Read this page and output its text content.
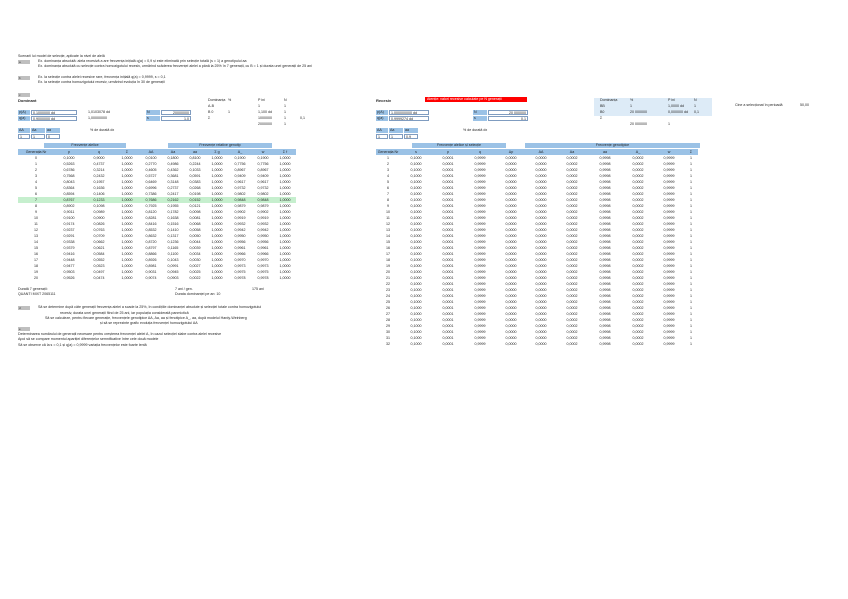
Scenarii lui model de selecție, aplicate la nivel de alelă
a	Ex. dominanța absolută: alela recesivă a are frecvența inițială q(a) = 0,9 și este eliminată prin selecție totală (s = 1) a genotipului aa
Ex. dominanța absolută cu selecție contra homozigotului recesiv, urmărind scăderea frecvenței alelei a până la 25% în 7 generații, cu B = 1 și durata unei generații de 25 ani
b	Ex. la selecție contra alelei recesive rare, frecvența inițială q(a) = 0,9999, s = 0,1
Ex. la selecție contra homozigotului recesiv, urmărind evoluția în 30 de generații
c
Dominant
p(A)	0,1000000 dd	1,0103078 dd	N	20000000
q(a)	0,9000000 dd	1,00000000	s	1,0
Dominanța %	P ini	N
A-B	1	1
B 0	1	1,100 dd	1
Σ	1000000	1	0,1
2000000	1
AA	Aa	aa	% de durată dx
1	1	0
Frecvențe alelice	Frecvențe relative genotip
Generația Nr	p	q	Σ	AA	Aa	aa	Σ g	A_	w	Σ f
0	0,1000	0,9000	1,0000	0,0100	0,1800	0,8100	1,0000	0,1900	0,1900	1,0000
1	0,5263	0,4737	1,0000	0,2770	0,4986	0,2244	1,0000	0,7756	0,7756	1,0000
2	0,6786	0,3214	1,0000	0,4605	0,4362	0,1033	1,0000	0,8967	0,8967	1,0000
3	0,7568	0,2432	1,0000	0,5727	0,3681	0,0591	1,0000	0,9409	0,9409	1,0000
4	0,8043	0,1957	1,0000	0,6469	0,3148	0,0383	1,0000	0,9617	0,9617	1,0000
5	0,8364	0,1636	1,0000	0,6996	0,2737	0,0268	1,0000	0,9732	0,9732	1,0000
6	0,8594	0,1406	1,0000	0,7386	0,2417	0,0198	1,0000	0,9802	0,9802	1,0000
7	0,8767	0,1233	1,0000	0,7686	0,2162	0,0152	1,0000	0,9848	0,9848	1,0000
8	0,8902	0,1098	1,0000	0,7925	0,1955	0,0121	1,0000	0,9879	0,9879	1,0000
9	0,9011	0,0989	1,0000	0,8120	0,1782	0,0098	1,0000	0,9902	0,9902	1,0000
10	0,9100	0,0900	1,0000	0,8281	0,1638	0,0081	1,0000	0,9919	0,9919	1,0000
11	0,9174	0,0826	1,0000	0,8416	0,1516	0,0068	1,0000	0,9932	0,9932	1,0000
12	0,9237	0,0763	1,0000	0,8532	0,1410	0,0058	1,0000	0,9942	0,9942	1,0000
13	0,9291	0,0709	1,0000	0,8632	0,1317	0,0050	1,0000	0,9950	0,9950	1,0000
14	0,9338	0,0662	1,0000	0,8720	0,1236	0,0044	1,0000	0,9956	0,9956	1,0000
15	0,9379	0,0621	1,0000	0,8797	0,1165	0,0039	1,0000	0,9961	0,9961	1,0000
16	0,9416	0,0584	1,0000	0,8866	0,1100	0,0034	1,0000	0,9966	0,9966	1,0000
17	0,9448	0,0552	1,0000	0,8926	0,1043	0,0030	1,0000	0,9970	0,9970	1,0000
18	0,9477	0,0523	1,0000	0,8981	0,0991	0,0027	1,0000	0,9973	0,9973	1,0000
19	0,9503	0,0497	1,0000	0,9031	0,0945	0,0025	1,0000	0,9975	0,9975	1,0000
20	0,9526	0,0474	1,0000	0,9074	0,0903	0,0022	1,0000	0,9978	0,9978	1,0000
Recesiv	Atenție: valori recesive calculate pe N generații
p(A)	1,000000000 dd	N	20 000000
q(a)	0,9999274 dd	s	0,1
Dominanța	%	P ini	N
BB	1	1,0000 dd	1
B0	20 000000	0,000000 dd 0,1
Σ
20 000000	1
Cine a selecționat în perioadă	50,00
AA	Aa	aa	% de durată dx
1	1	0,9
Frecvențe alelice și selecție	Frecvențe genotipice
Generația Nr	s	p	q	Δp	AA	Aa	aa	A_	w	Σ
1	0,1000	0,0001	0,9999	0,0000	0,0000	0,0002	0,9998	0,0002	0,9999	1
2	0,1000	0,0001	0,9999	0,0000	0,0000	0,0002	0,9998	0,0002	0,9999	1
3	0,1000	0,0001	0,9999	0,0000	0,0000	0,0002	0,9998	0,0002	0,9999	1
4	0,1000	0,0001	0,9999	0,0000	0,0000	0,0002	0,9998	0,0002	0,9999	1
5	0,1000	0,0001	0,9999	0,0000	0,0000	0,0002	0,9998	0,0002	0,9999	1
6	0,1000	0,0001	0,9999	0,0000	0,0000	0,0002	0,9998	0,0002	0,9999	1
7	0,1000	0,0001	0,9999	0,0000	0,0000	0,0002	0,9998	0,0002	0,9999	1
8	0,1000	0,0001	0,9999	0,0000	0,0000	0,0002	0,9998	0,0002	0,9999	1
9	0,1000	0,0001	0,9999	0,0000	0,0000	0,0002	0,9998	0,0002	0,9999	1
10	0,1000	0,0001	0,9999	0,0000	0,0000	0,0002	0,9998	0,0002	0,9999	1
11	0,1000	0,0001	0,9999	0,0000	0,0000	0,0002	0,9998	0,0002	0,9999	1
12	0,1000	0,0001	0,9999	0,0000	0,0000	0,0002	0,9998	0,0002	0,9999	1
13	0,1000	0,0001	0,9999	0,0000	0,0000	0,0002	0,9998	0,0002	0,9999	1
14	0,1000	0,0001	0,9999	0,0000	0,0000	0,0002	0,9998	0,0002	0,9999	1
15	0,1000	0,0001	0,9999	0,0000	0,0000	0,0002	0,9998	0,0002	0,9999	1
16	0,1000	0,0001	0,9999	0,0000	0,0000	0,0002	0,9998	0,0002	0,9999	1
17	0,1000	0,0001	0,9999	0,0000	0,0000	0,0002	0,9998	0,0002	0,9999	1
18	0,1000	0,0001	0,9999	0,0000	0,0000	0,0002	0,9998	0,0002	0,9999	1
19	0,1000	0,0001	0,9999	0,0000	0,0000	0,0002	0,9998	0,0002	0,9999	1
20	0,1000	0,0001	0,9999	0,0000	0,0000	0,0002	0,9998	0,0002	0,9999	1
21	0,1000	0,0001	0,9999	0,0000	0,0000	0,0002	0,9998	0,0002	0,9999	1
22	0,1000	0,0001	0,9999	0,0000	0,0000	0,0002	0,9998	0,0002	0,9999	1
23	0,1000	0,0001	0,9999	0,0000	0,0000	0,0002	0,9998	0,0002	0,9999	1
24	0,1000	0,0001	0,9999	0,0000	0,0000	0,0002	0,9998	0,0002	0,9999	1
25	0,1000	0,0001	0,9999	0,0000	0,0000	0,0002	0,9998	0,0002	0,9999	1
26	0,1000	0,0001	0,9999	0,0000	0,0000	0,0002	0,9998	0,0002	0,9999	1
27	0,1000	0,0001	0,9999	0,0000	0,0000	0,0002	0,9998	0,0002	0,9999	1
28	0,1000	0,0001	0,9999	0,0000	0,0000	0,0002	0,9998	0,0002	0,9999	1
29	0,1000	0,0001	0,9999	0,0000	0,0000	0,0002	0,9998	0,0002	0,9999	1
30	0,1000	0,0001	0,9999	0,0000	0,0000	0,0002	0,9998	0,0002	0,9999	1
31	0,1000	0,0001	0,9999	0,0000	0,0000	0,0002	0,9998	0,0002	0,9999	1
32	0,1000	0,0001	0,9999	0,0000	0,0000	0,0002	0,9998	0,0002	0,9999	1
Durată 7 generații:	7 ani / gen.	175 ani
QUANTI MIXT 2065111	Durata dominanței pe an: 10
d	Să se determine după câte generații frecvența alelei a scade la 25%, în condițiile dominanței absolute și selecției totale contra homozigotului
recesiv, durata unei generații fiind de 25 ani, iar populația considerată panmictică
Să se calculeze, pentru fiecare generație, frecvențele genotipice AA, Aa, aa și fenotipice A_, aa, după modelul Hardy-Weinberg
și să se reprezinte grafic evoluția frecvenței homozigotului AA
e
Determinarea numărului de generații necesare pentru creșterea frecvenței alelei A, în cazul selecției slabe contra alelei recesive
Apoi să se compare momentul apariției diferențelor semnificative între cele două modele
Să se observe că la s = 0,1 și q(a) = 0,9999 variația frecvențelor este foarte lentă
